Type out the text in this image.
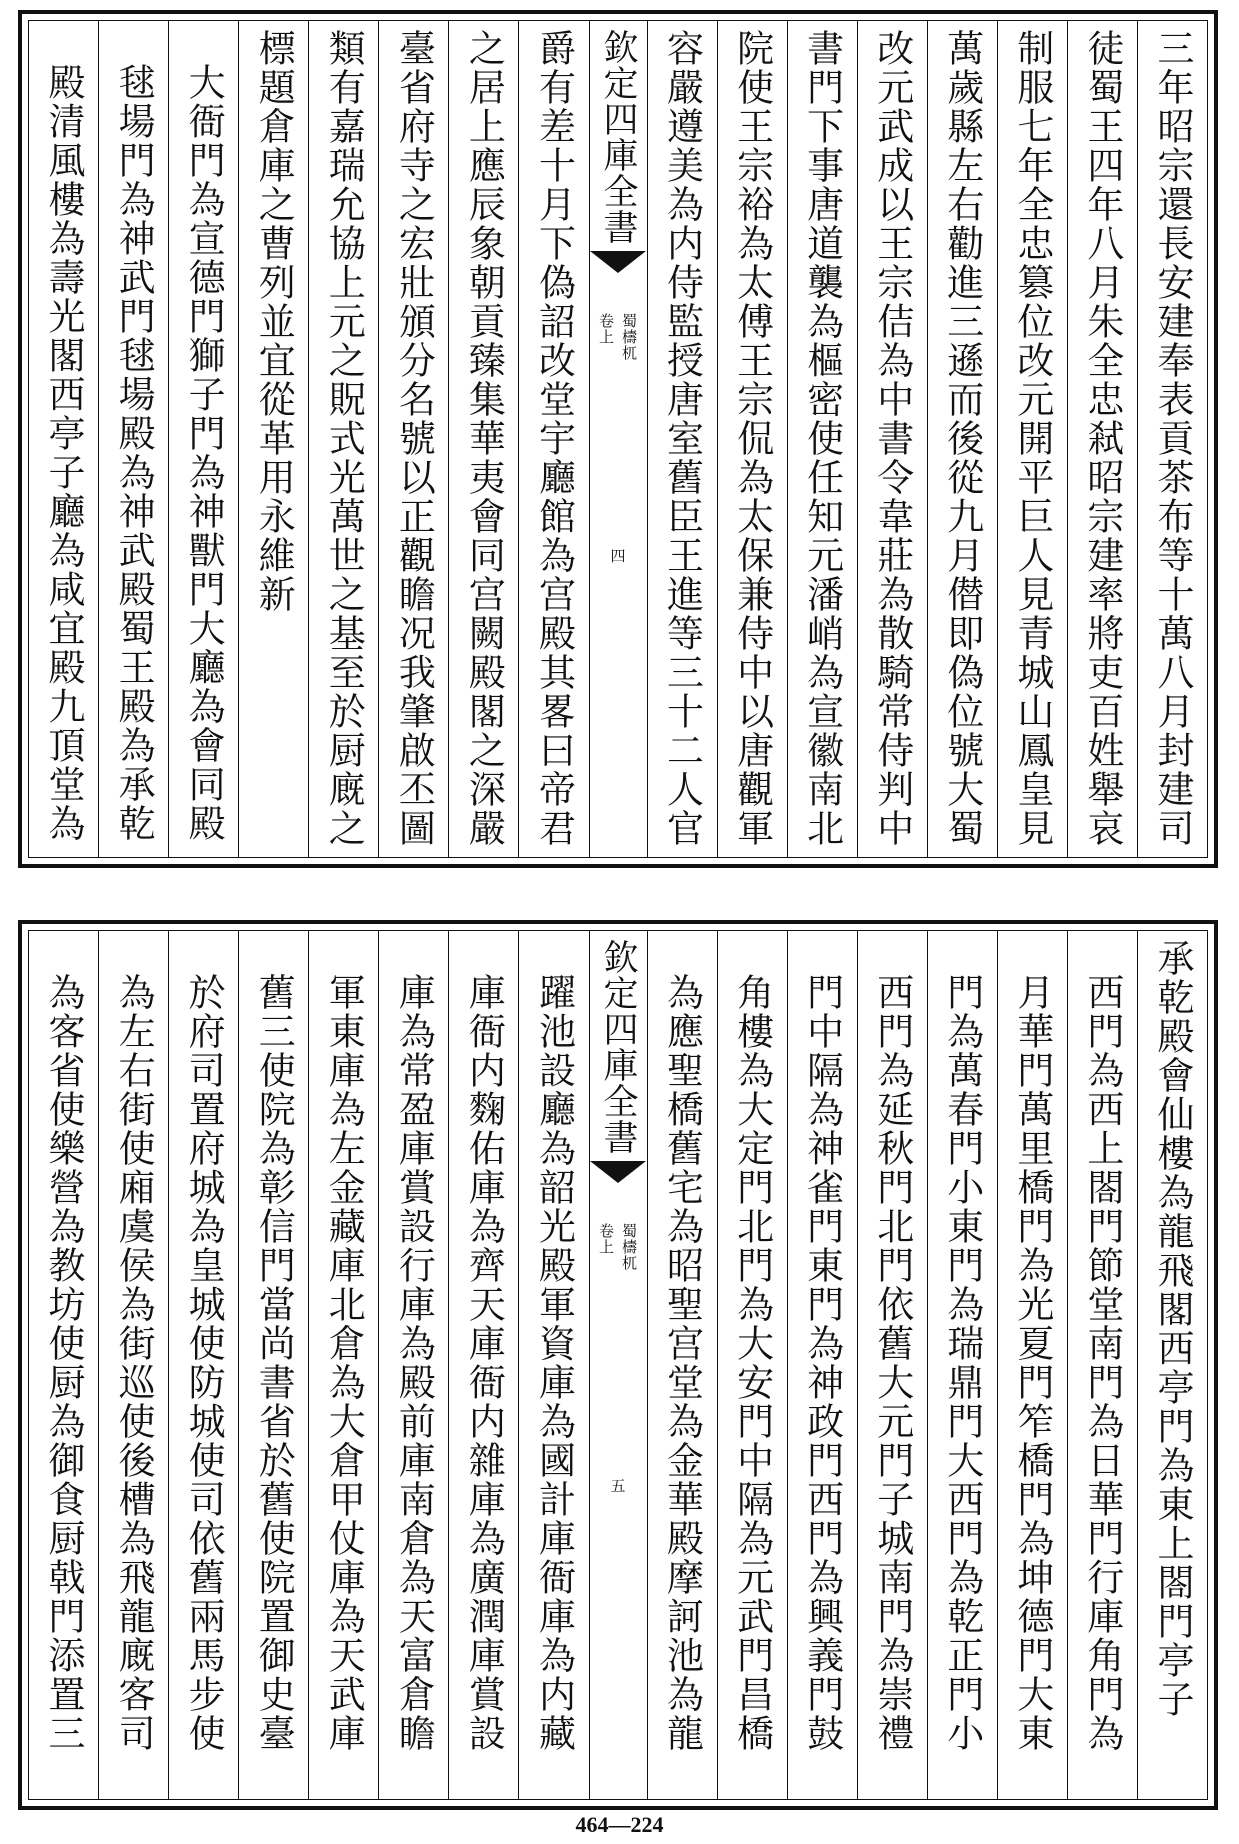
三年昭宗還長安建奉表貢茶布等十萬八月封建司
徒蜀王四年八月朱全忠弒昭宗建率將吏百姓舉哀
制服七年全忠篡位改元開平巨人見青城山鳳皇見
萬歲縣左右勸進三遜而後從九月僣即偽位號大蜀
改元武成以王宗佶為中書令韋莊為散騎常侍判中
書門下事唐道襲為樞密使任知元潘峭為宣徽南北
院使王宗裕為太傅王宗侃為太保兼侍中以唐觀軍
容嚴遵美為内侍監授唐室舊臣王進等三十二人官
欽定四庫全書
蜀檮杌
卷上
四
爵有差十月下偽詔改堂宇廳館為宫殿其畧曰帝君
之居上應辰象朝貢臻集華夷會同宫闕殿閣之深嚴
臺省府寺之宏壯頒分名號以正觀瞻况我肇啟丕圖
類有嘉瑞允協上元之貺式光萬世之基至於厨廐之
標題倉庫之曹列並宜從革用永維新
大衙門為宣德門獅子門為神獸門大廳為會同殿
毬場門為神武門毬場殿為神武殿蜀王殿為承乾
殿清風樓為壽光閣西亭子廳為咸宜殿九頂堂為
承乾殿會仙樓為龍飛閣西亭門為東上閤門亭子
西門為西上閤門節堂南門為日華門行庫角門為
月華門萬里橋門為光夏門笮橋門為坤德門大東
門為萬春門小東門為瑞鼎門大西門為乾正門小
西門為延秋門北門依舊大元門子城南門為崇禮
門中隔為神雀門東門為神政門西門為興義門鼓
角樓為大定門北門為大安門中隔為元武門昌橋
為應聖橋舊宅為昭聖宫堂為金華殿摩訶池為龍
欽定四庫全書
蜀檮杌
卷上
五
躍池設廳為韶光殿軍資庫為國計庫衙庫為内藏
庫衙内麴佑庫為齊天庫衙内雜庫為廣潤庫賞設
庫為常盈庫賞設行庫為殿前庫南倉為天富倉瞻
軍東庫為左金藏庫北倉為大倉甲仗庫為天武庫
舊三使院為彰信門當尚書省於舊使院置御史臺
於府司置府城為皇城使防城使司依舊兩馬步使
為左右街使廂虞侯為街巡使後槽為飛龍廐客司
為客省使樂營為教坊使厨為御食厨戟門添置三
464—224
